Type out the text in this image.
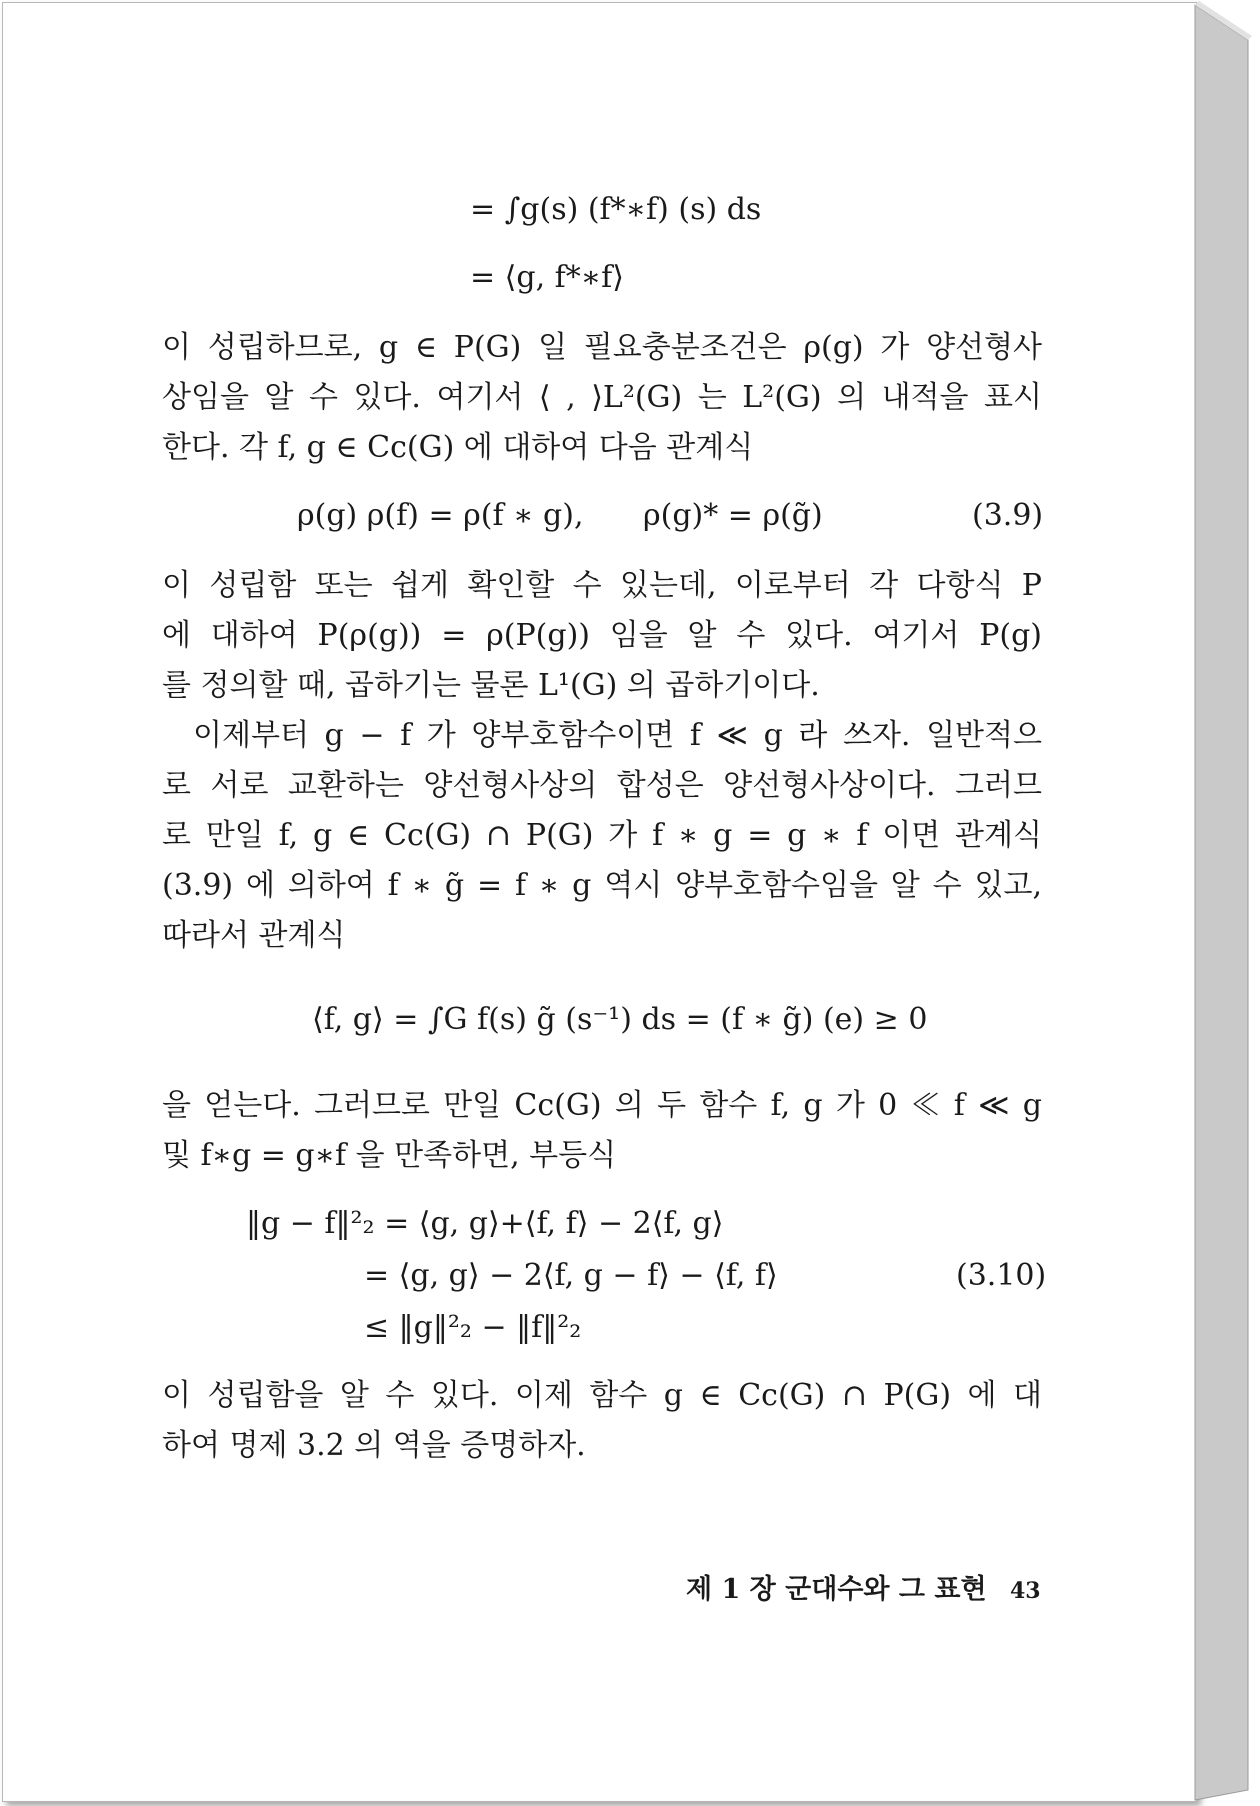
= ∫g(s) (f*∗f) (s) ds
= ⟨g, f*∗f⟩
이 성립하므로, g ∈ P(G) 일 필요충분조건은 ρ(g) 가 양선형사
상임을 알 수 있다. 여기서 ⟨ , ⟩L²(G) 는 L²(G) 의 내적을 표시
한다. 각 f, g ∈ Cc(G) 에 대하여 다음 관계식
ρ(g) ρ(f) = ρ(f ∗ g), ρ(g)* = ρ(g̃)	(3.9)
이 성립함 또는 쉽게 확인할 수 있는데, 이로부터 각 다항식 P
에 대하여 P(ρ(g)) = ρ(P(g)) 임을 알 수 있다. 여기서 P(g)
를 정의할 때, 곱하기는 물론 L¹(G) 의 곱하기이다.
이제부터 g − f 가 양부호함수이면 f ≪ g 라 쓰자. 일반적으
로 서로 교환하는 양선형사상의 합성은 양선형사상이다. 그러므
로 만일 f, g ∈ Cc(G) ∩ P(G) 가 f ∗ g = g ∗ f 이면 관계식
(3.9) 에 의하여 f ∗ g̃ = f ∗ g 역시 양부호함수임을 알 수 있고,
따라서 관계식
⟨f, g⟩ = ∫G f(s) g̃ (s⁻¹) ds = (f ∗ g̃) (e) ≥ 0
을 얻는다. 그러므로 만일 Cc(G) 의 두 함수 f, g 가 0 ≪ f ≪ g
및 f∗g = g∗f 을 만족하면, 부등식
‖g − f‖²₂ = ⟨g, g⟩+⟨f, f⟩ − 2⟨f, g⟩
= ⟨g, g⟩ − 2⟨f, g − f⟩ − ⟨f, f⟩	(3.10)
≤ ‖g‖²₂ − ‖f‖²₂
이 성립함을 알 수 있다. 이제 함수 g ∈ Cc(G) ∩ P(G) 에 대
하여 명제 3.2 의 역을 증명하자.
제 1 장 군대수와 그 표현 43
